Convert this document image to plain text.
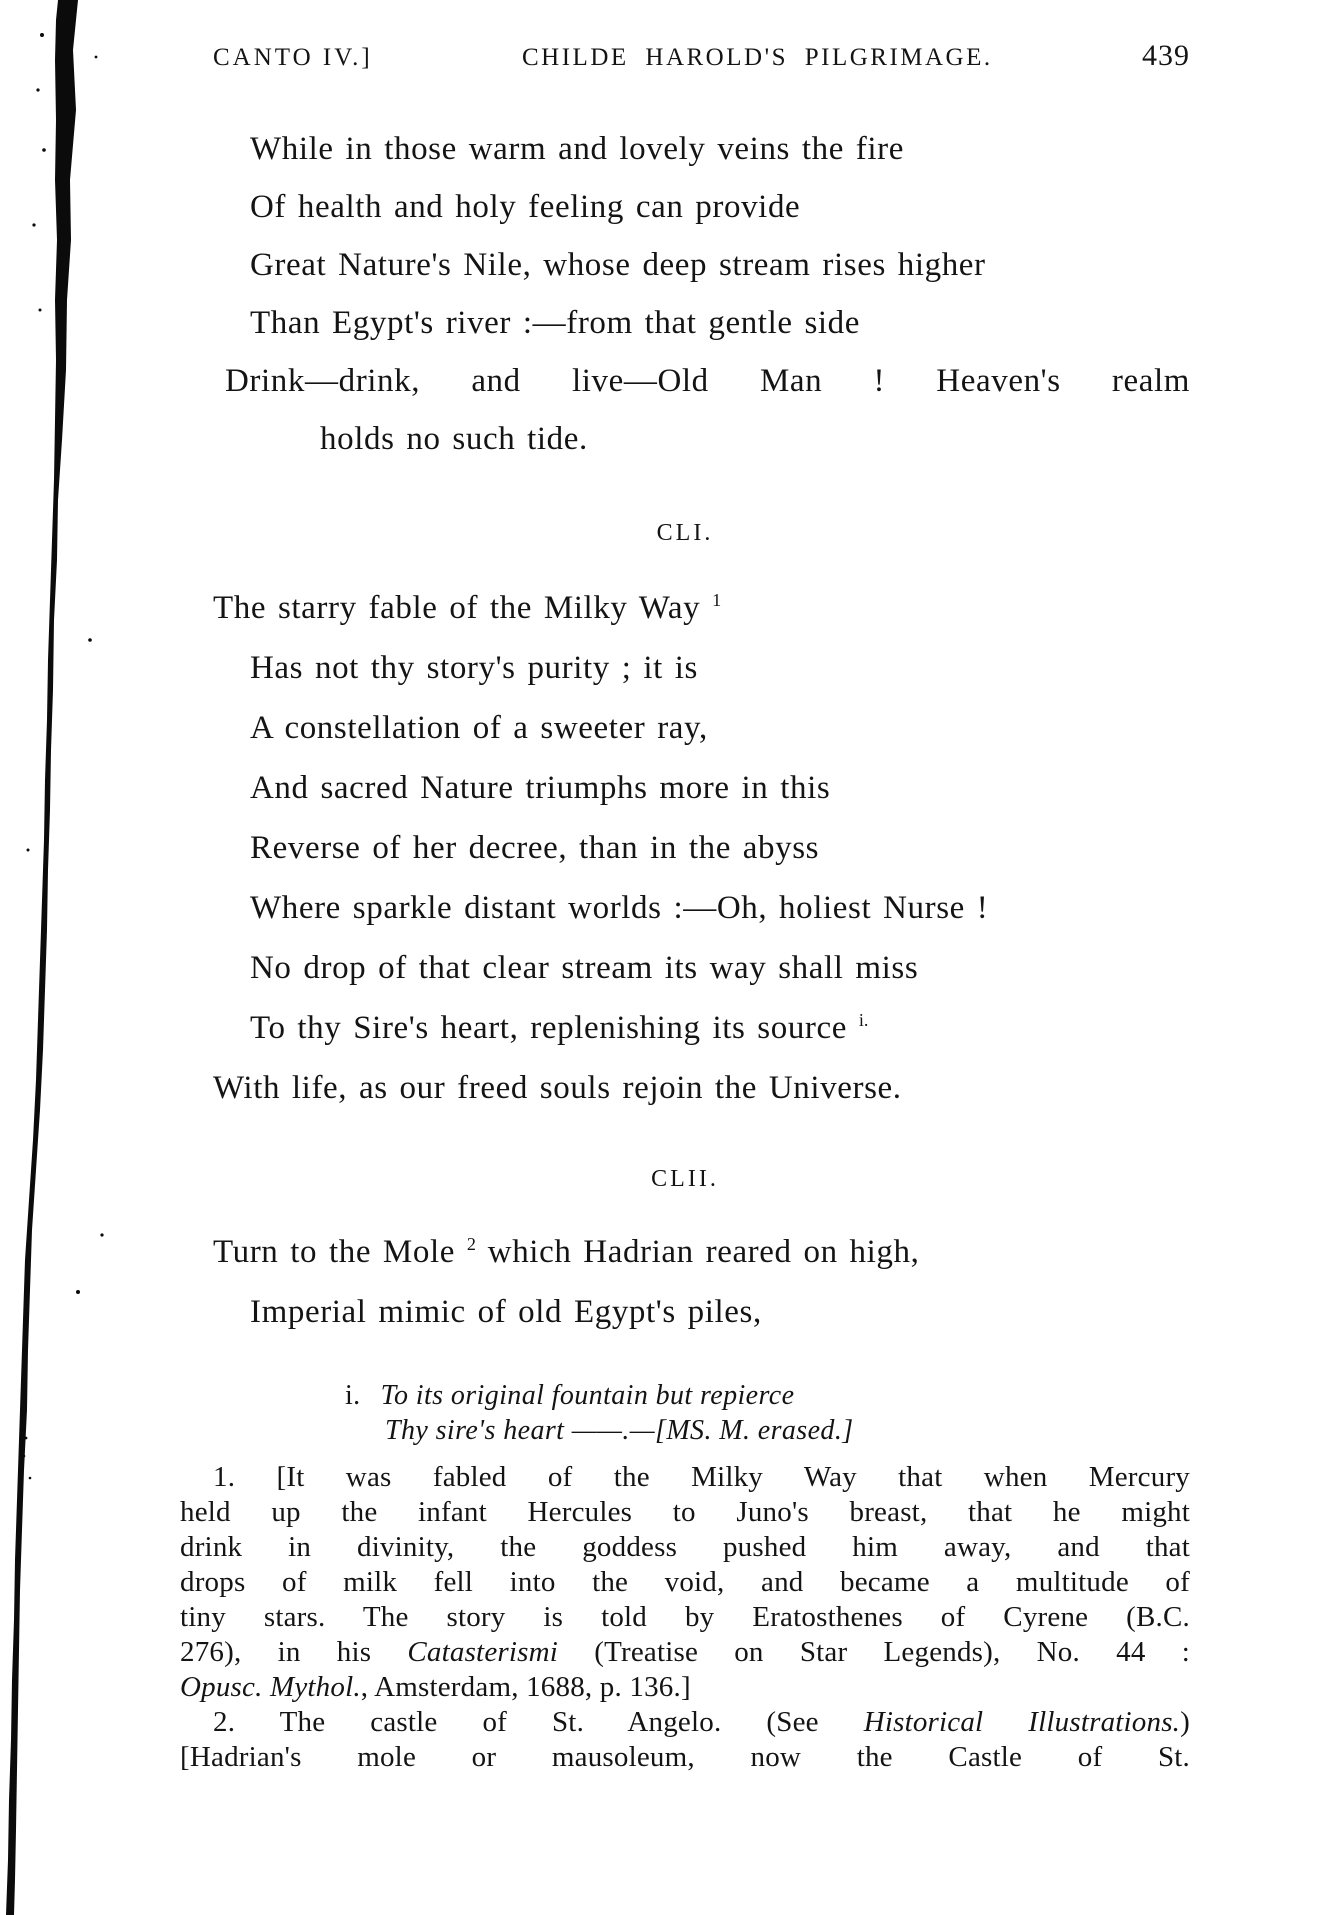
CANTO IV.]	CHILDE HAROLD'S PILGRIMAGE.	439
While in those warm and lovely veins the fire
Of health and holy feeling can provide
Great Nature's Nile, whose deep stream rises higher
Than Egypt's river :—from that gentle side
Drink—drink, and live—Old Man ! Heaven's realm
holds no such tide.
CLI.
The starry fable of the Milky Way $^1$
Has not thy story's purity ; it is
A constellation of a sweeter ray,
And sacred Nature triumphs more in this
Reverse of her decree, than in the abyss
Where sparkle distant worlds :—Oh, holiest Nurse !
No drop of that clear stream its way shall miss
To thy Sire's heart, replenishing its source $^{i.}$
With life, as our freed souls rejoin the Universe.
CLII.
Turn to the Mole $^2$ which Hadrian reared on high,
Imperial mimic of old Egypt's piles,
i. To its original fountain but repierce
Thy sire's heart ——.—[MS. M. erased.]
1. [It was fabled of the Milky Way that when Mercury
held up the infant Hercules to Juno's breast, that he might
drink in divinity, the goddess pushed him away, and that
drops of milk fell into the void, and became a multitude of
tiny stars. The story is told by Eratosthenes of Cyrene (B.C.
276), in his Catasterismi (Treatise on Star Legends), No. 44 :
Opusc. Mythol., Amsterdam, 1688, p. 136.]
2. The castle of St. Angelo. (See Historical Illustrations.)
[Hadrian's mole or mausoleum, now the Castle of St.
